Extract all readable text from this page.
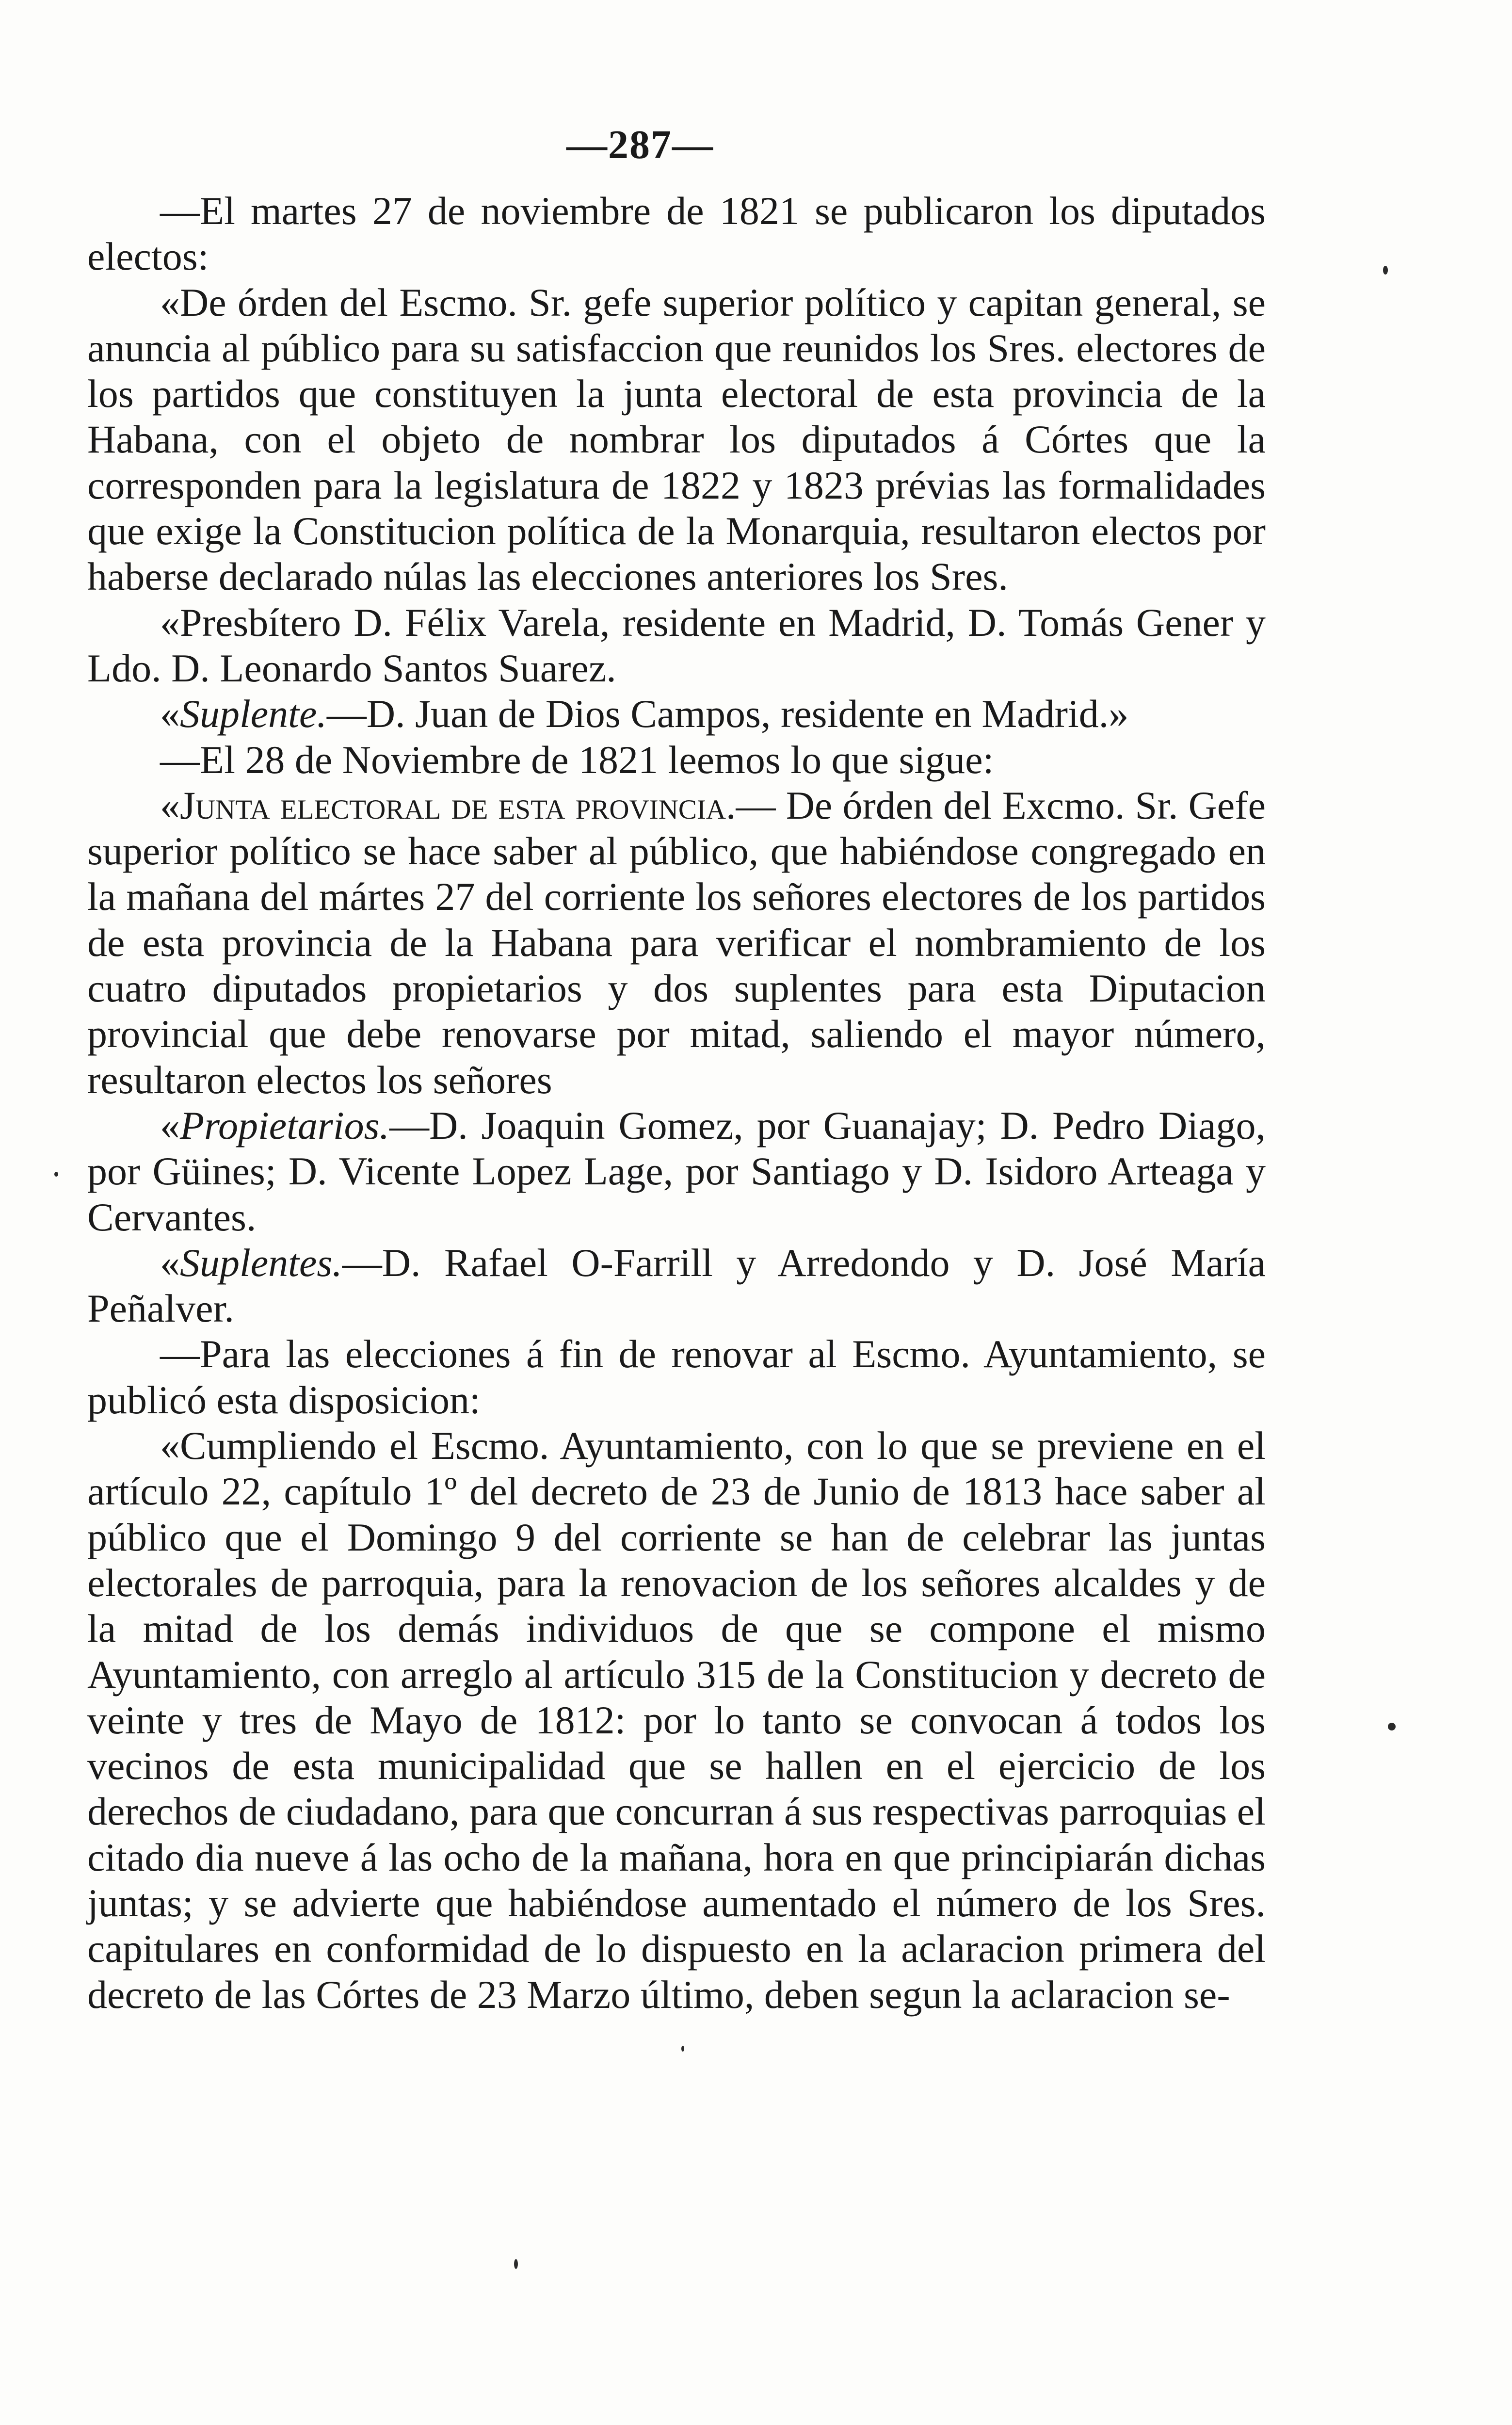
—287—

—El martes 27 de noviembre de 1821 se publicaron los diputados electos:

«De órden del Escmo. Sr. gefe superior político y capitan general, se anuncia al público para su satisfaccion que reunidos los Sres. electores de los partidos que constituyen la junta electoral de esta provincia de la Habana, con el objeto de nombrar los diputados á Córtes que la corresponden para la legislatura de 1822 y 1823 prévias las formalidades que exige la Constitucion política de la Monarquia, resultaron electos por haberse declarado núlas las elecciones anteriores los Sres.

«Presbítero D. Félix Varela, residente en Madrid, D. Tomás Gener y Ldo. D. Leonardo Santos Suarez.

«Suplente.—D. Juan de Dios Campos, residente en Madrid.»

—El 28 de Noviembre de 1821 leemos lo que sigue:

«Junta electoral de esta provincia.— De órden del Excmo. Sr. Gefe superior político se hace saber al público, que habiéndose congregado en la mañana del mártes 27 del corriente los señores electores de los partidos de esta provincia de la Habana para verificar el nombramiento de los cuatro diputados propietarios y dos suplentes para esta Diputacion provincial que debe renovarse por mitad, saliendo el mayor número, resultaron electos los señores

«Propietarios.—D. Joaquin Gomez, por Guanajay; D. Pedro Diago, por Güines; D. Vicente Lopez Lage, por Santiago y D. Isidoro Arteaga y Cervantes.

«Suplentes.—D. Rafael O-Farrill y Arredondo y D. José María Peñalver.

—Para las elecciones á fin de renovar al Escmo. Ayuntamiento, se publicó esta disposicion:

«Cumpliendo el Escmo. Ayuntamiento, con lo que se previene en el artículo 22, capítulo 1º del decreto de 23 de Junio de 1813 hace saber al público que el Domingo 9 del corriente se han de celebrar las juntas electorales de parroquia, para la renovacion de los señores alcaldes y de la mitad de los demás individuos de que se compone el mismo Ayuntamiento, con arreglo al artículo 315 de la Constitucion y decreto de veinte y tres de Mayo de 1812: por lo tanto se convocan á todos los vecinos de esta municipalidad que se hallen en el ejercicio de los derechos de ciudadano, para que concurran á sus respectivas parroquias el citado dia nueve á las ocho de la mañana, hora en que principiarán dichas juntas; y se advierte que habiéndose aumentado el número de los Sres. capitulares en conformidad de lo dispuesto en la aclaracion primera del decreto de las Córtes de 23 Marzo último, deben segun la aclaracion se-
